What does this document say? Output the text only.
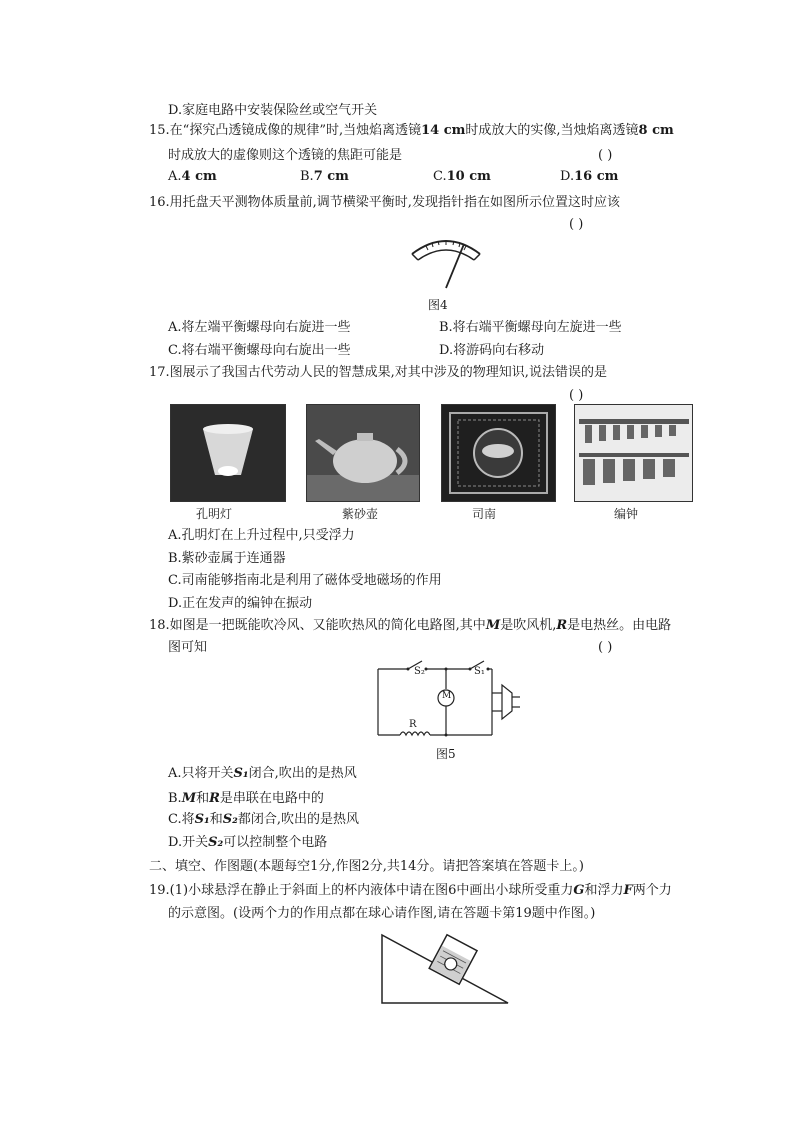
D.家庭电路中安装保险丝或空气开关
15.在“探究凸透镜成像的规律”时,当烛焰离透镜14 cm时成放大的实像,当烛焰离透镜8 cm
时成放大的虚像则这个透镜的焦距可能是	( )
A.4 cm	B.7 cm	C.10 cm	D.16 cm
16.用托盘天平测物体质量前,调节横梁平衡时,发现指针指在如图所示位置这时应该
( )
图4
A.将左端平衡螺母向右旋进一些	B.将右端平衡螺母向左旋进一些
C.将右端平衡螺母向右旋出一些	D.将游码向右移动
17.图展示了我国古代劳动人民的智慧成果,对其中涉及的物理知识,说法错误的是
( )
孔明灯	紫砂壶	司南	编钟
A.孔明灯在上升过程中,只受浮力
B.紫砂壶属于连通器
C.司南能够指南北是利用了磁体受地磁场的作用
D.正在发声的编钟在振动
18.如图是一把既能吹冷风、又能吹热风的简化电路图,其中M是吹风机,R是电热丝。由电路
图可知	( )
S₂	S₁
M
R
图5
A.只将开关S₁闭合,吹出的是热风
B.M和R是串联在电路中的
C.将S₁和S₂都闭合,吹出的是热风
D.开关S₂可以控制整个电路
二、填空、作图题(本题每空1分,作图2分,共14分。请把答案填在答题卡上。)
19.(1)小球悬浮在静止于斜面上的杯内液体中请在图6中画出小球所受重力G和浮力F两个力
的示意图。(设两个力的作用点都在球心请作图,请在答题卡第19题中作图。)
